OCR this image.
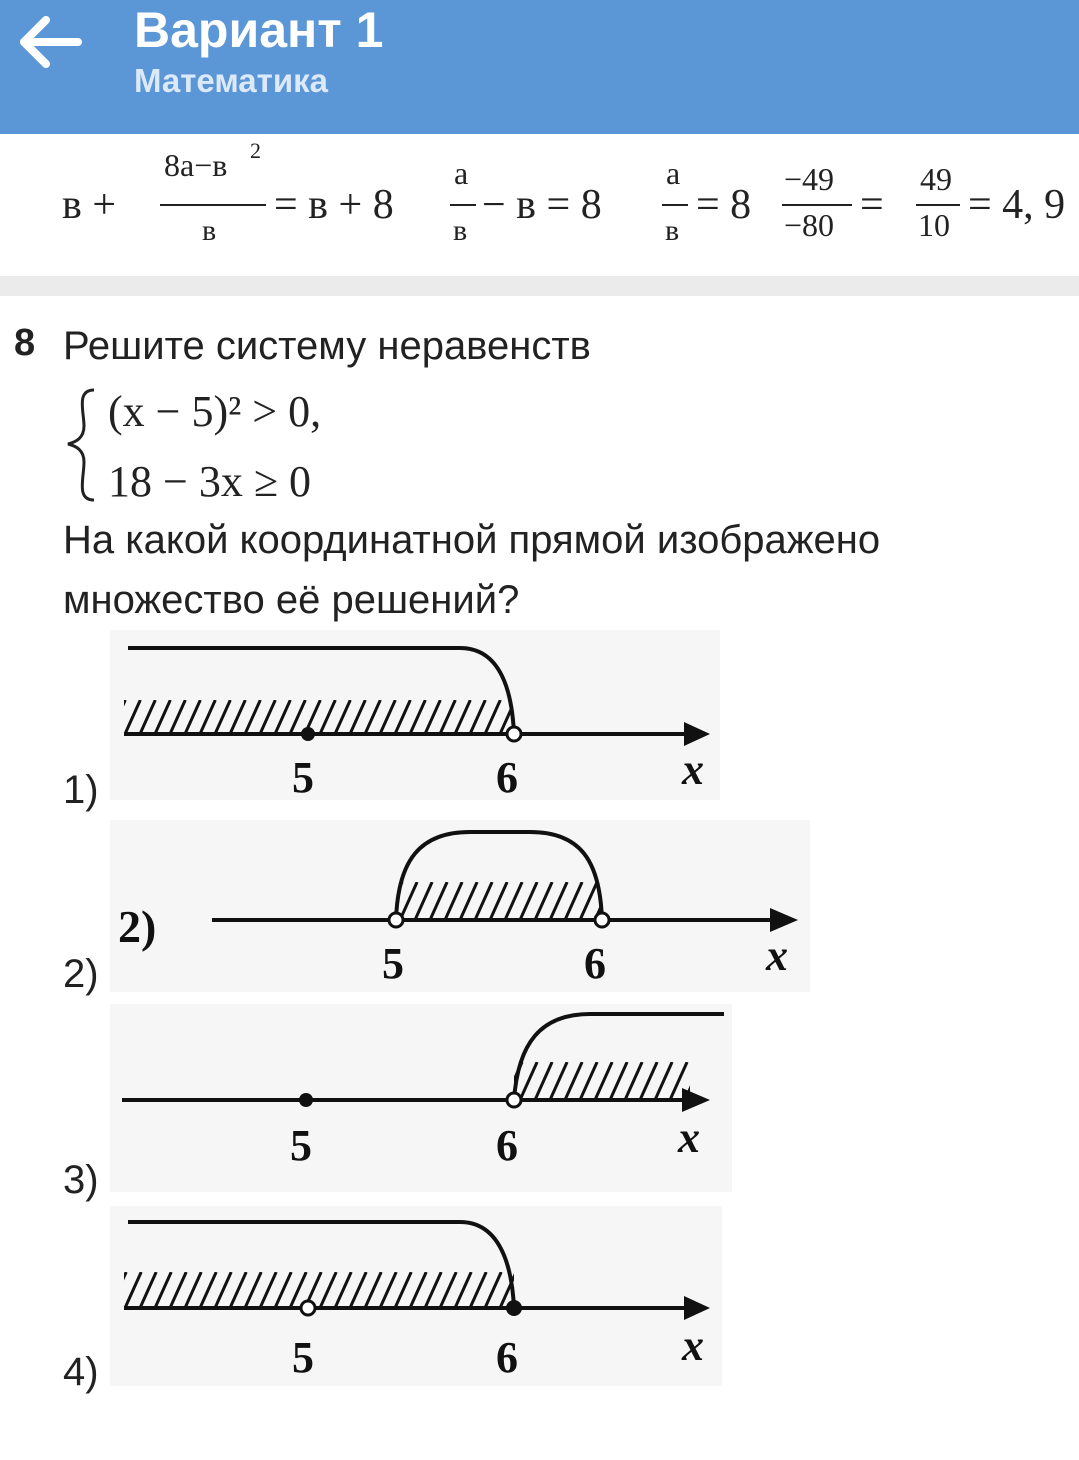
Вариант 1
Математика
в +
8а−в 2
в
= в + 8
а
в
− в = 8
а
в
= 8
−49
−80 =
49
10 = 4, 9
8 Решите систему неравенств
(x − 5)² > 0,
18 − 3x ≥ 0
На какой координатной прямой изображено множество её решений?
1)	5	6	x
2)
2)
5	6	x
3)
5	6	x
4)	5	6	x
